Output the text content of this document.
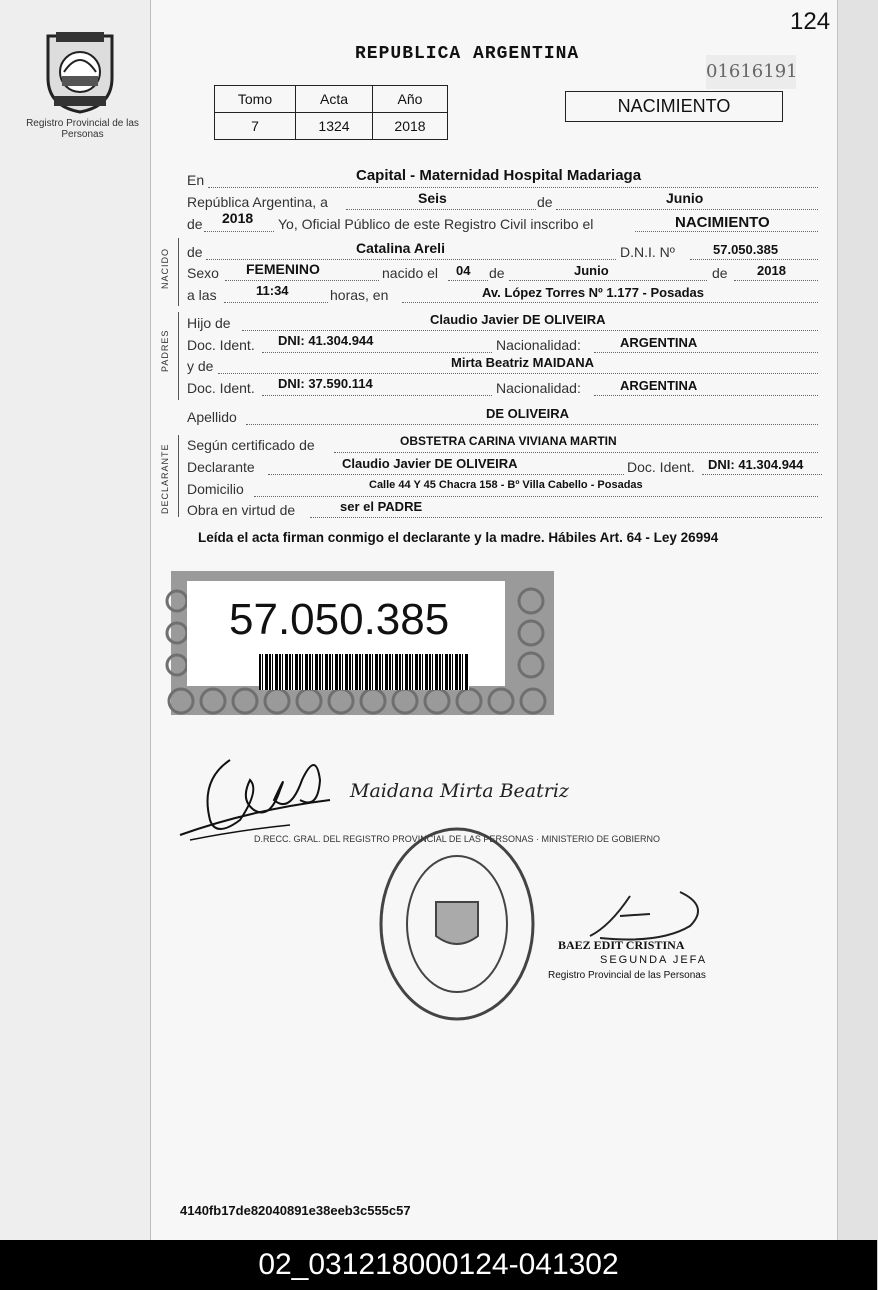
Registro Provincial de las Personas
124
REPUBLICA ARGENTINA
01616191
Tomo	Acta	Año
7	1324	2018
NACIMIENTO
En	Capital - Maternidad Hospital Madariaga
República Argentina, a	Seis	de	Junio
de 2018 Yo, Oficial Público de este Registro Civil inscribo el	NACIMIENTO
NACIDO de	Catalina Areli	D.N.I. Nº	57.050.385
Sexo FEMENINO	nacido el 04 de	Junio	de 2018
a las	11:34	horas, en	Av. López Torres Nº 1.177 - Posadas
PADRES
Hijo de	Claudio Javier DE OLIVEIRA
Doc. Ident. DNI: 41.304.944	Nacionalidad:	ARGENTINA
y de	Mirta Beatriz MAIDANA
Doc. Ident. DNI: 37.590.114	Nacionalidad:	ARGENTINA
Apellido	DE OLIVEIRA
DECLARANTE Según certificado de	OBSTETRA CARINA VIVIANA MARTIN
Declarante	Claudio Javier DE OLIVEIRA	Doc. Ident. DNI: 41.304.944
Domicilio	Calle 44 Y 45 Chacra 158 - Bº Villa Cabello - Posadas
Obra en virtud de	ser el PADRE
Leída el acta firman conmigo el declarante y la madre. Hábiles Art. 64 - Ley 26994
57.050.385
Maidana Mirta Beatriz
D.RECC. GRAL. DEL REGISTRO PROVINCIAL DE LAS PERSONAS · MINISTERIO DE GOBIERNO
BAEZ EDIT CRISTINA
SEGUNDA JEFA
Registro Provincial de las Personas
4140fb17de82040891e38eeb3c555c57
02_031218000124-041302
